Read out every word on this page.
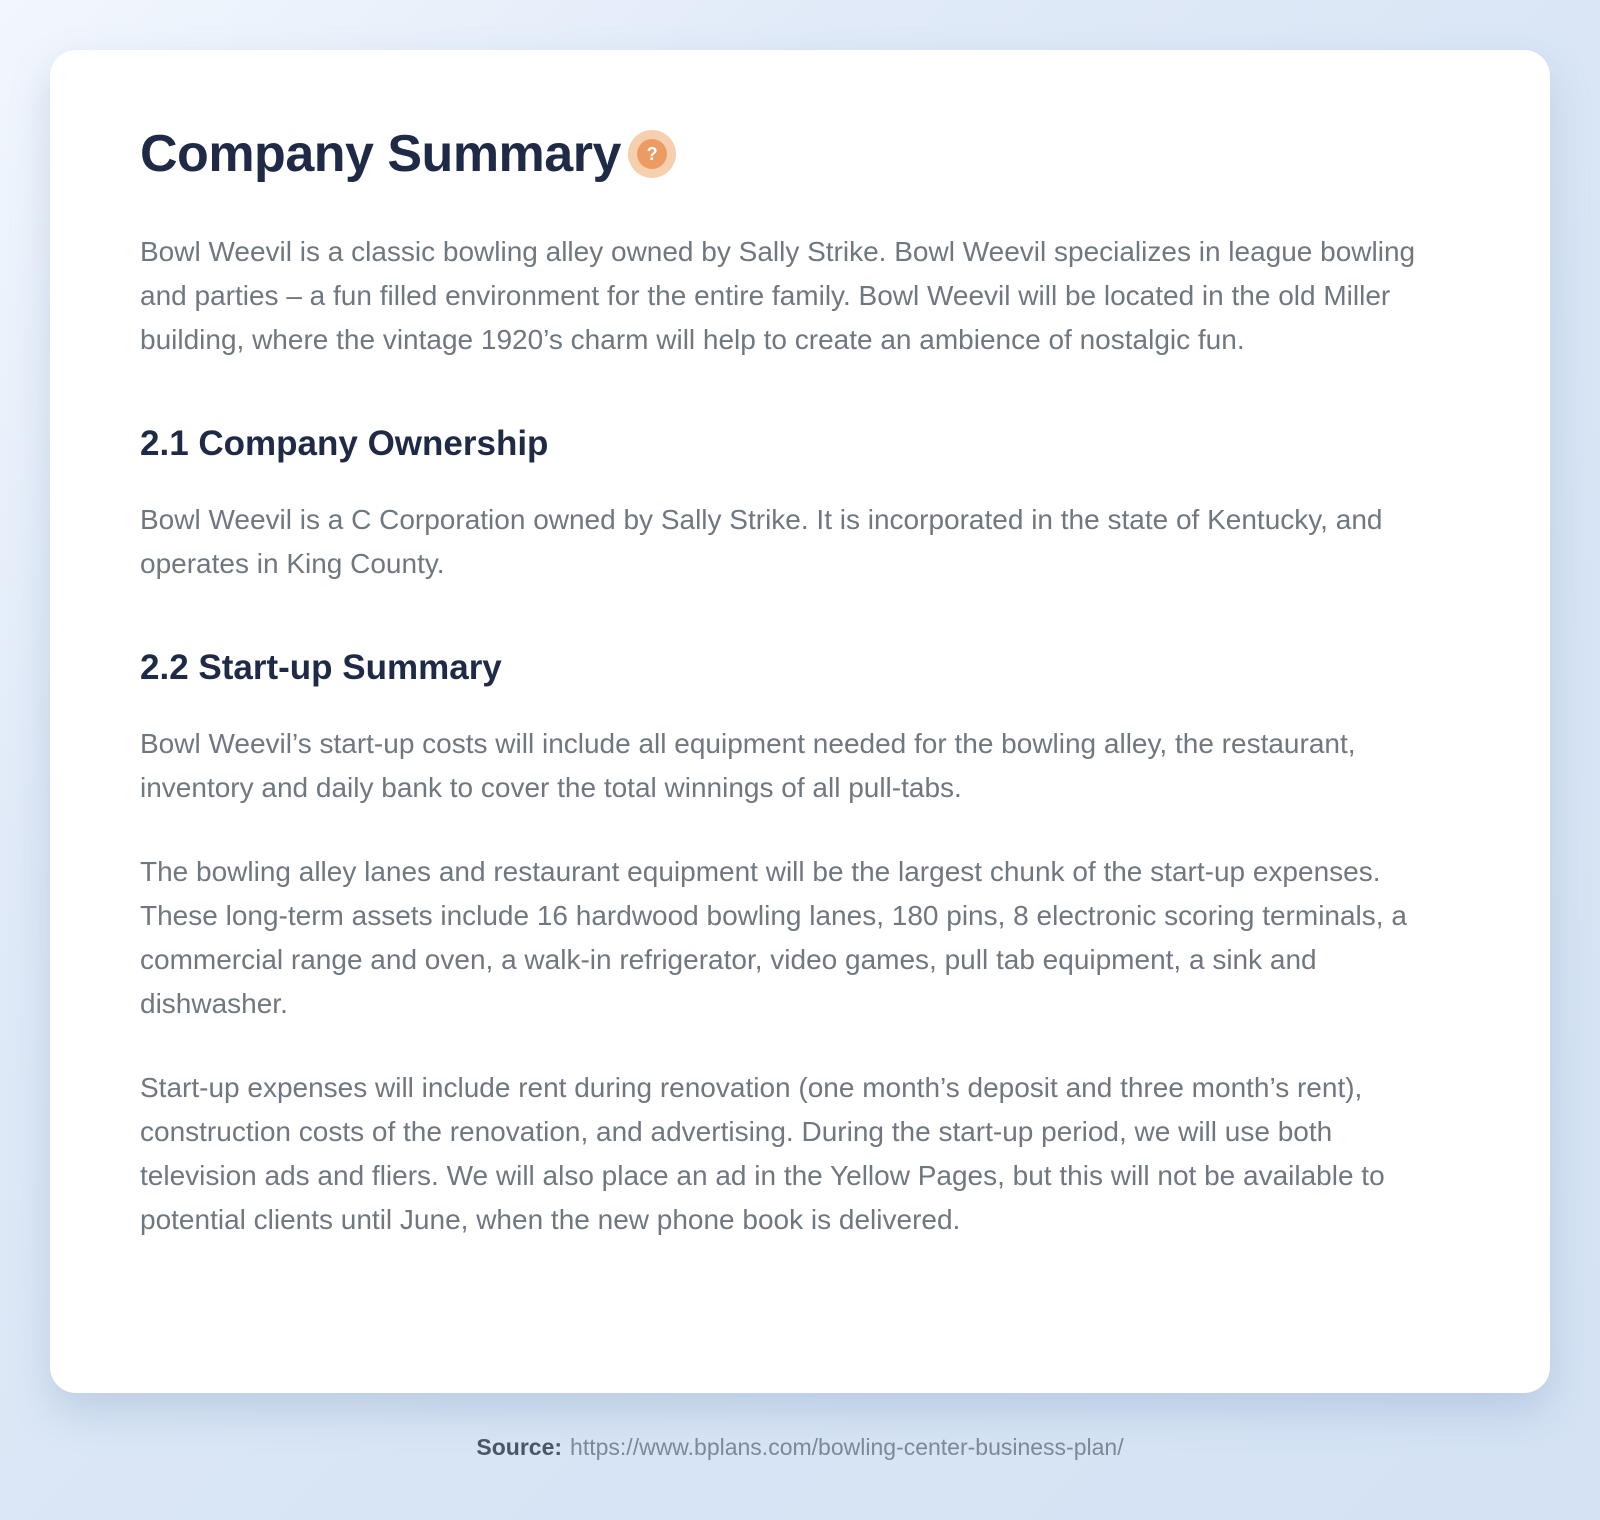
Company Summary	?

Bowl Weevil is a classic bowling alley owned by Sally Strike. Bowl Weevil specializes in league bowling and parties – a fun filled environment for the entire family. Bowl Weevil will be located in the old Miller building, where the vintage 1920’s charm will help to create an ambience of nostalgic fun.

2.1 Company Ownership

Bowl Weevil is a C Corporation owned by Sally Strike. It is incorporated in the state of Kentucky, and operates in King County.

2.2 Start-up Summary

Bowl Weevil’s start-up costs will include all equipment needed for the bowling alley, the restaurant, inventory and daily bank to cover the total winnings of all pull-tabs.

The bowling alley lanes and restaurant equipment will be the largest chunk of the start-up expenses. These long-term assets include 16 hardwood bowling lanes, 180 pins, 8 electronic scoring terminals, a commercial range and oven, a walk-in refrigerator, video games, pull tab equipment, a sink and dishwasher.

Start-up expenses will include rent during renovation (one month’s deposit and three month’s rent), construction costs of the renovation, and advertising. During the start-up period, we will use both television ads and fliers. We will also place an ad in the Yellow Pages, but this will not be available to potential clients until June, when the new phone book is delivered.

Source: https://www.bplans.com/bowling-center-business-plan/
